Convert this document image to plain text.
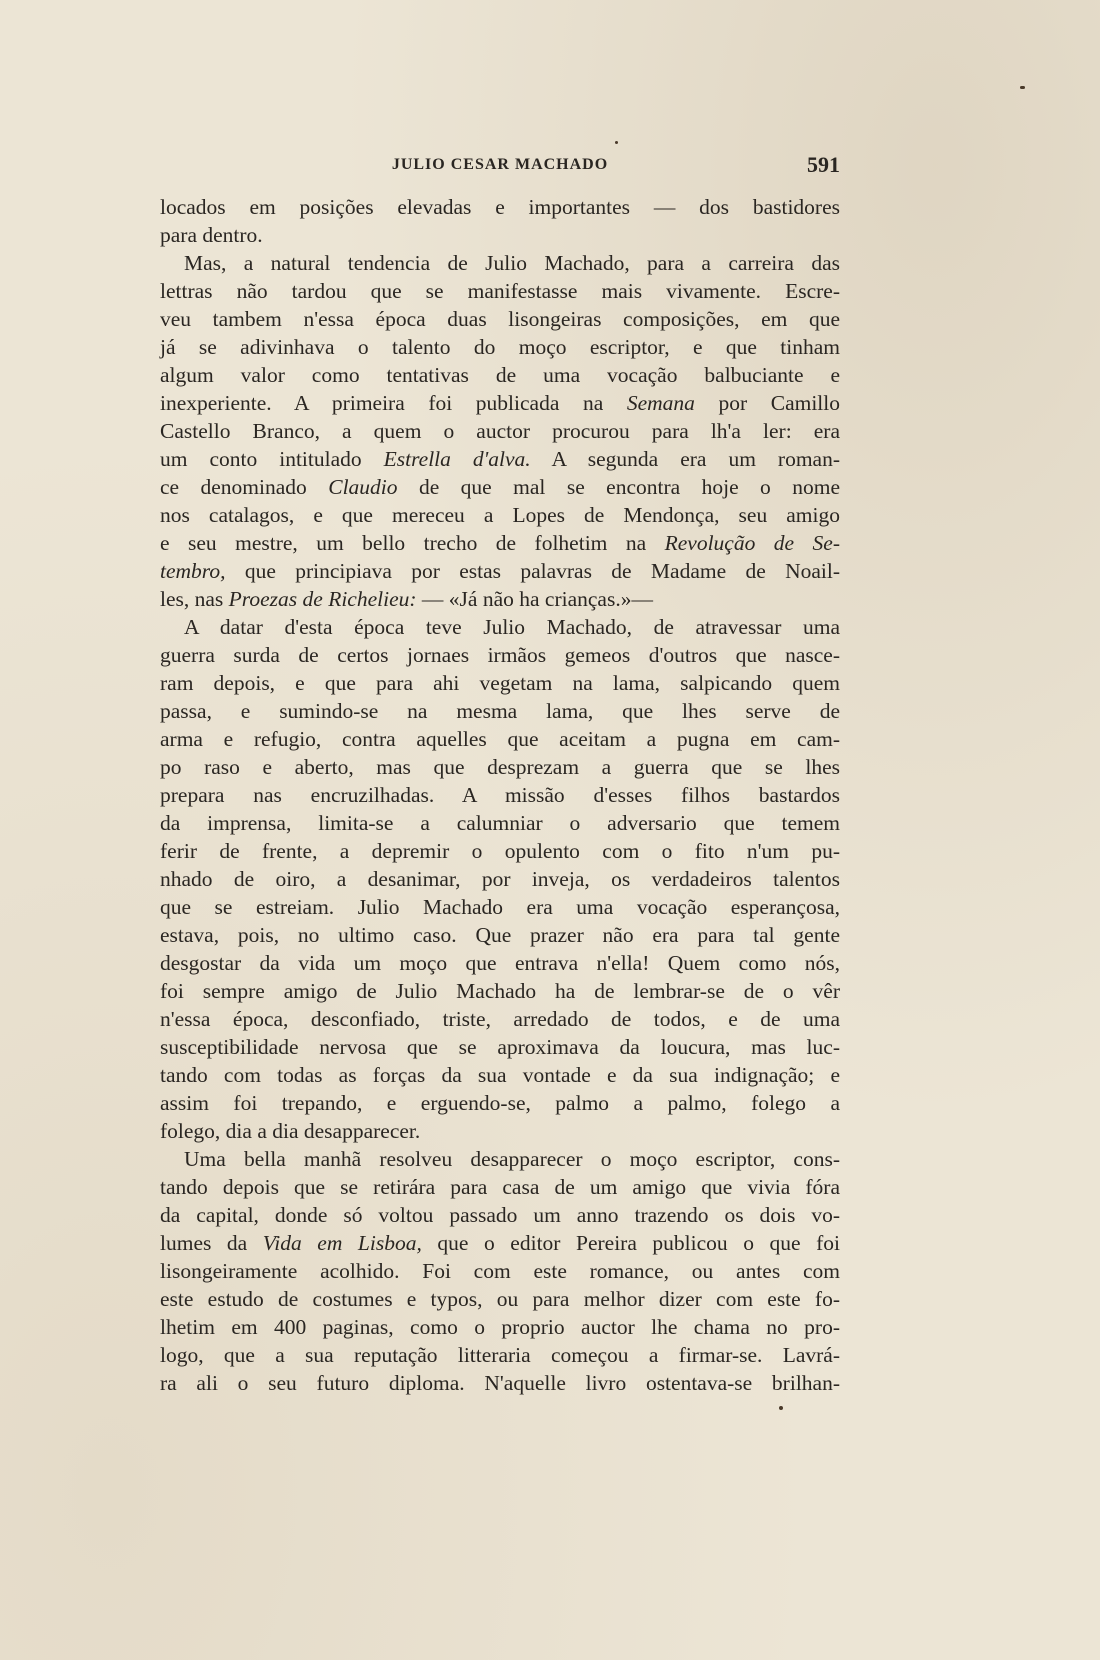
JULIO CESAR MACHADO	591
locados em posições elevadas e importantes — dos bastidores
para dentro.
Mas, a natural tendencia de Julio Machado, para a carreira das
lettras não tardou que se manifestasse mais vivamente. Escre-
veu tambem n'essa época duas lisongeiras composições, em que
já se adivinhava o talento do moço escriptor, e que tinham
algum valor como tentativas de uma vocação balbuciante e
inexperiente. A primeira foi publicada na Semana por Camillo
Castello Branco, a quem o auctor procurou para lh'a ler: era
um conto intitulado Estrella d'alva. A segunda era um roman-
ce denominado Claudio de que mal se encontra hoje o nome
nos catalagos, e que mereceu a Lopes de Mendonça, seu amigo
e seu mestre, um bello trecho de folhetim na Revolução de Se-
tembro, que principiava por estas palavras de Madame de Noail-
les, nas Proezas de Richelieu: — «Já não ha crianças.»—
A datar d'esta época teve Julio Machado, de atravessar uma
guerra surda de certos jornaes irmãos gemeos d'outros que nasce-
ram depois, e que para ahi vegetam na lama, salpicando quem
passa, e sumindo-se na mesma lama, que lhes serve de
arma e refugio, contra aquelles que aceitam a pugna em cam-
po raso e aberto, mas que desprezam a guerra que se lhes
prepara nas encruzilhadas. A missão d'esses filhos bastardos
da imprensa, limita-se a calumniar o adversario que temem
ferir de frente, a depremir o opulento com o fito n'um pu-
nhado de oiro, a desanimar, por inveja, os verdadeiros talentos
que se estreiam. Julio Machado era uma vocação esperançosa,
estava, pois, no ultimo caso. Que prazer não era para tal gente
desgostar da vida um moço que entrava n'ella! Quem como nós,
foi sempre amigo de Julio Machado ha de lembrar-se de o vêr
n'essa época, desconfiado, triste, arredado de todos, e de uma
susceptibilidade nervosa que se aproximava da loucura, mas luc-
tando com todas as forças da sua vontade e da sua indignação; e
assim foi trepando, e erguendo-se, palmo a palmo, folego a
folego, dia a dia desapparecer.
Uma bella manhã resolveu desapparecer o moço escriptor, cons-
tando depois que se retirára para casa de um amigo que vivia fóra
da capital, donde só voltou passado um anno trazendo os dois vo-
lumes da Vida em Lisboa, que o editor Pereira publicou o que foi
lisongeiramente acolhido. Foi com este romance, ou antes com
este estudo de costumes e typos, ou para melhor dizer com este fo-
lhetim em 400 paginas, como o proprio auctor lhe chama no pro-
logo, que a sua reputação litteraria começou a firmar-se. Lavrá-
ra ali o seu futuro diploma. N'aquelle livro ostentava-se brilhan-
